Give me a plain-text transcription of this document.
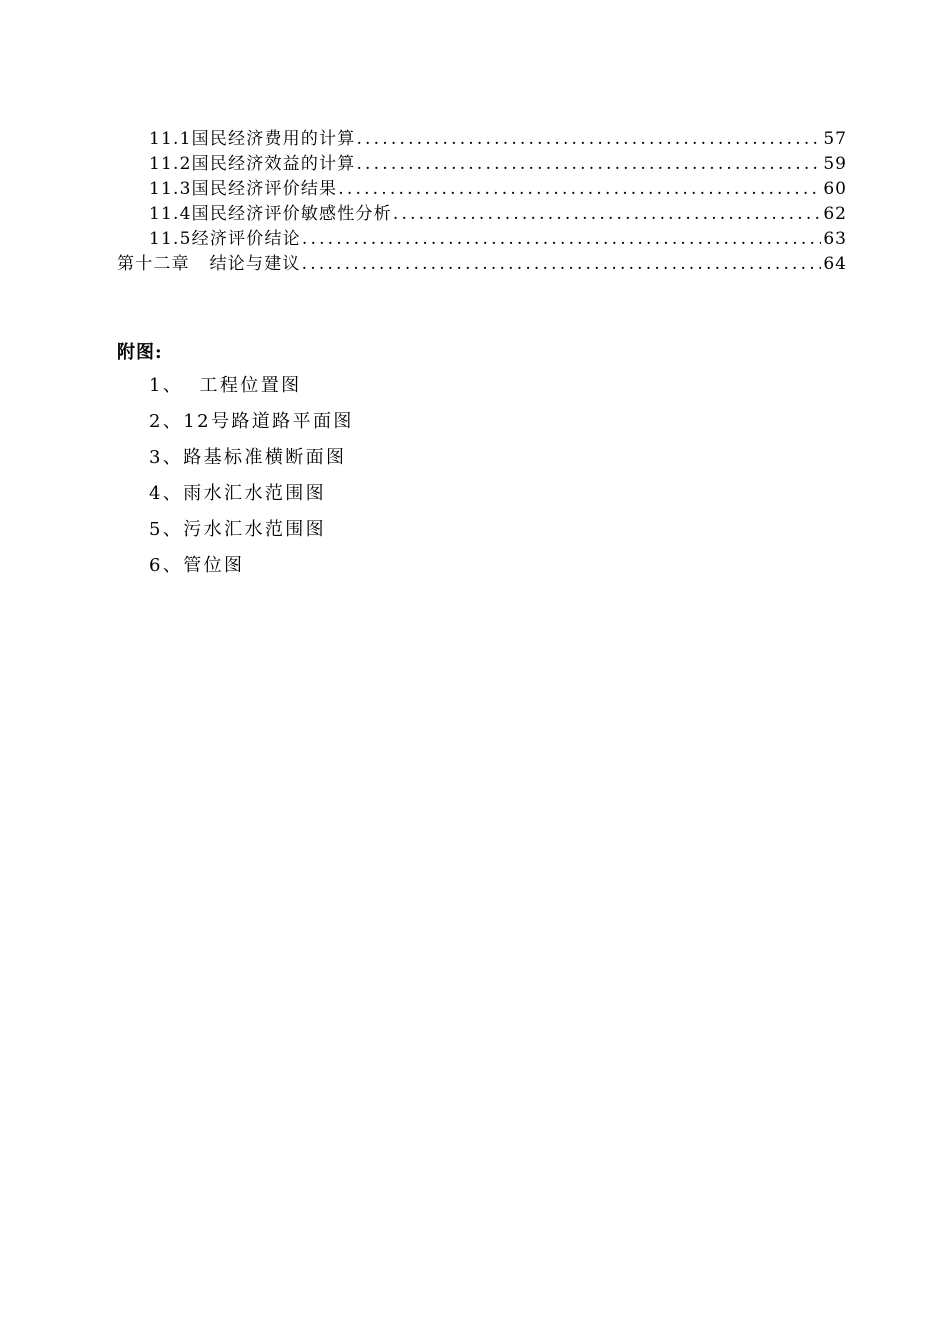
11.1国民经济费用的计算 .....	57
11.2国民经济效益的计算 .....	59
11.3国民经济评价结果 .....	60
11.4国民经济评价敏感性分析 .....	62
11.5经济评价结论 .....	63
第十二章   结论与建议 .....	64
附图:
1、  工程位置图
2、12号路道路平面图
3、路基标准横断面图
4、雨水汇水范围图
5、污水汇水范围图
6、管位图
